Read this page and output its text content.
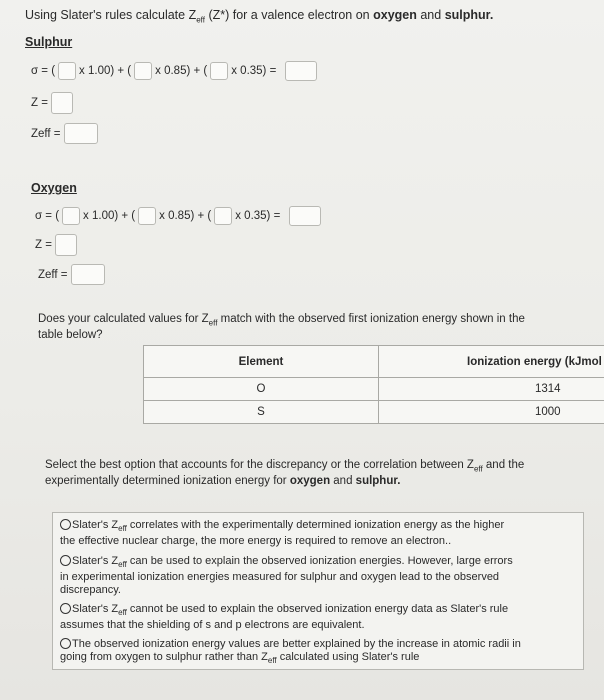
Using Slater's rules calculate $Z_{eff}$ (Z*) for a valence electron on oxygen and sulphur.
Sulphur
σ = ( x 1.00) + ( x 0.85) + ( x 0.35) =
Z =
Zeff =
Oxygen
σ = ( x 1.00) + ( x 0.85) + ( x 0.35) =
Z =
Zeff =
Does your calculated values for $Z_{eff}$ match with the observed first ionization energy shown in the
table below?
Element	Ionization energy (kJmol
O	1314
S	1000
Select the best option that accounts for the discrepancy or the correlation between $Z_{eff}$ and the
experimentally determined ionization energy for oxygen and sulphur.
Slater's $Z_{eff}$ correlates with the experimentally determined ionization energy as the higher
the effective nuclear charge, the more energy is required to remove an electron..
Slater's $Z_{eff}$ can be used to explain the observed ionization energies. However, large errors
in experimental ionization energies measured for sulphur and oxygen lead to the observed
discrepancy.
Slater's $Z_{eff}$ cannot be used to explain the observed ionization energy data as Slater's rule
assumes that the shielding of s and p electrons are equivalent.
The observed ionization energy values are better explained by the increase in atomic radii in
going from oxygen to sulphur rather than $Z_{eff}$ calculated using Slater's rule
